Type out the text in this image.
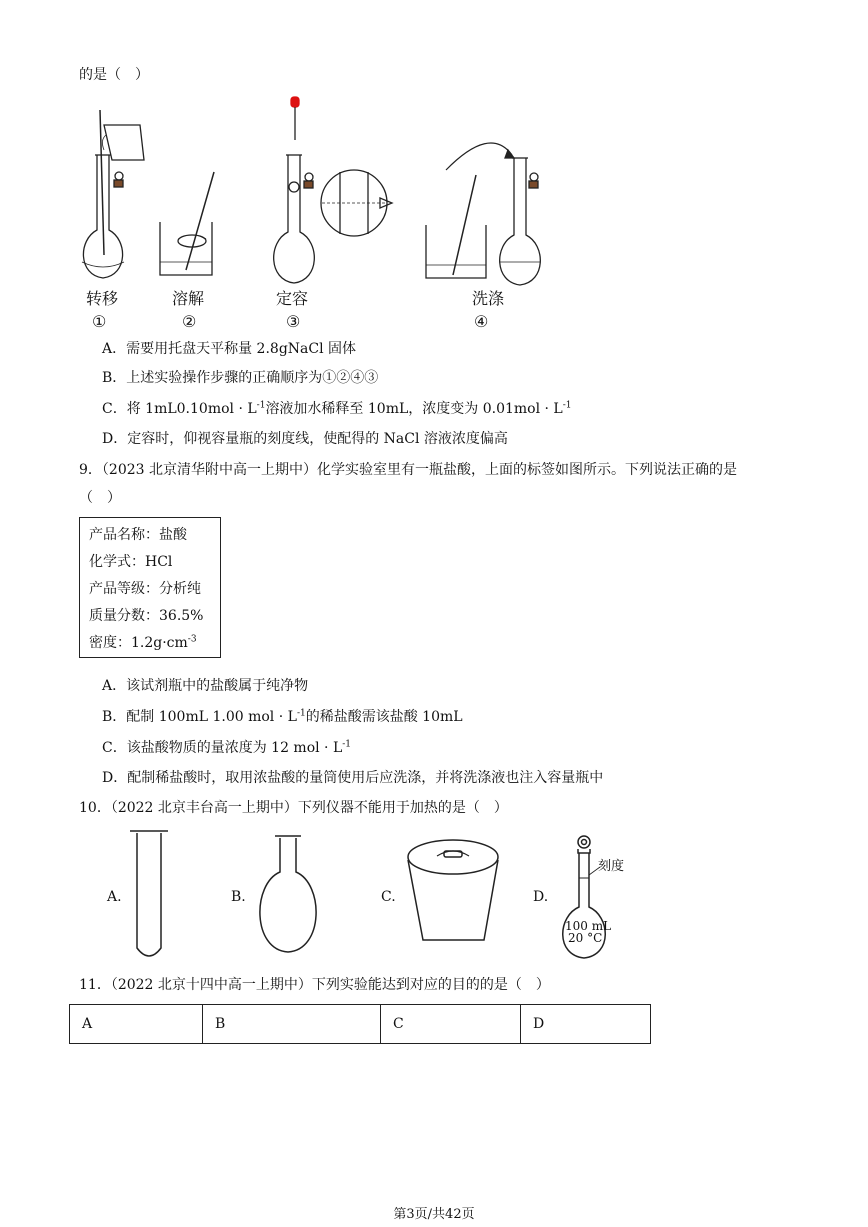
的是（　）
转移	溶解	定容	洗涤
①	②	③	④
A．需要用托盘天平称量 2.8gNaCl 固体
B．上述实验操作步骤的正确顺序为①②④③
C．将 $1mL0.10mol \cdot L^{-1}$溶液加水稀释至 10mL，浓度变为 $0.01mol \cdot L^{-1}$
D．定容时，仰视容量瓶的刻度线，使配得的 NaCl 溶液浓度偏高
9．（2023 北京清华附中高一上期中）化学实验室里有一瓶盐酸，上面的标签如图所示。下列说法正确的是
（　）
产品名称：盐酸
化学式：HCl
产品等级：分析纯
质量分数：36.5%
密度：$1.2g\cdot cm^{-3}$
A．该试剂瓶中的盐酸属于纯净物
B．配制 100mL 1.00 mol · $L^{-1}$的稀盐酸需该盐酸 10mL
C．该盐酸物质的量浓度为 12 mol · $L^{-1}$
D．配制稀盐酸时，取用浓盐酸的量筒使用后应洗涤，并将洗涤液也注入容量瓶中
10．（2022 北京丰台高一上期中）下列仪器不能用于加热的是（　）
A.	B.	C.	D.
刻度
100 mL
20 °C
11．（2022 北京十四中高一上期中）下列实验能达到对应的目的的是（　）
A	B	C	D
第3页/共42页
